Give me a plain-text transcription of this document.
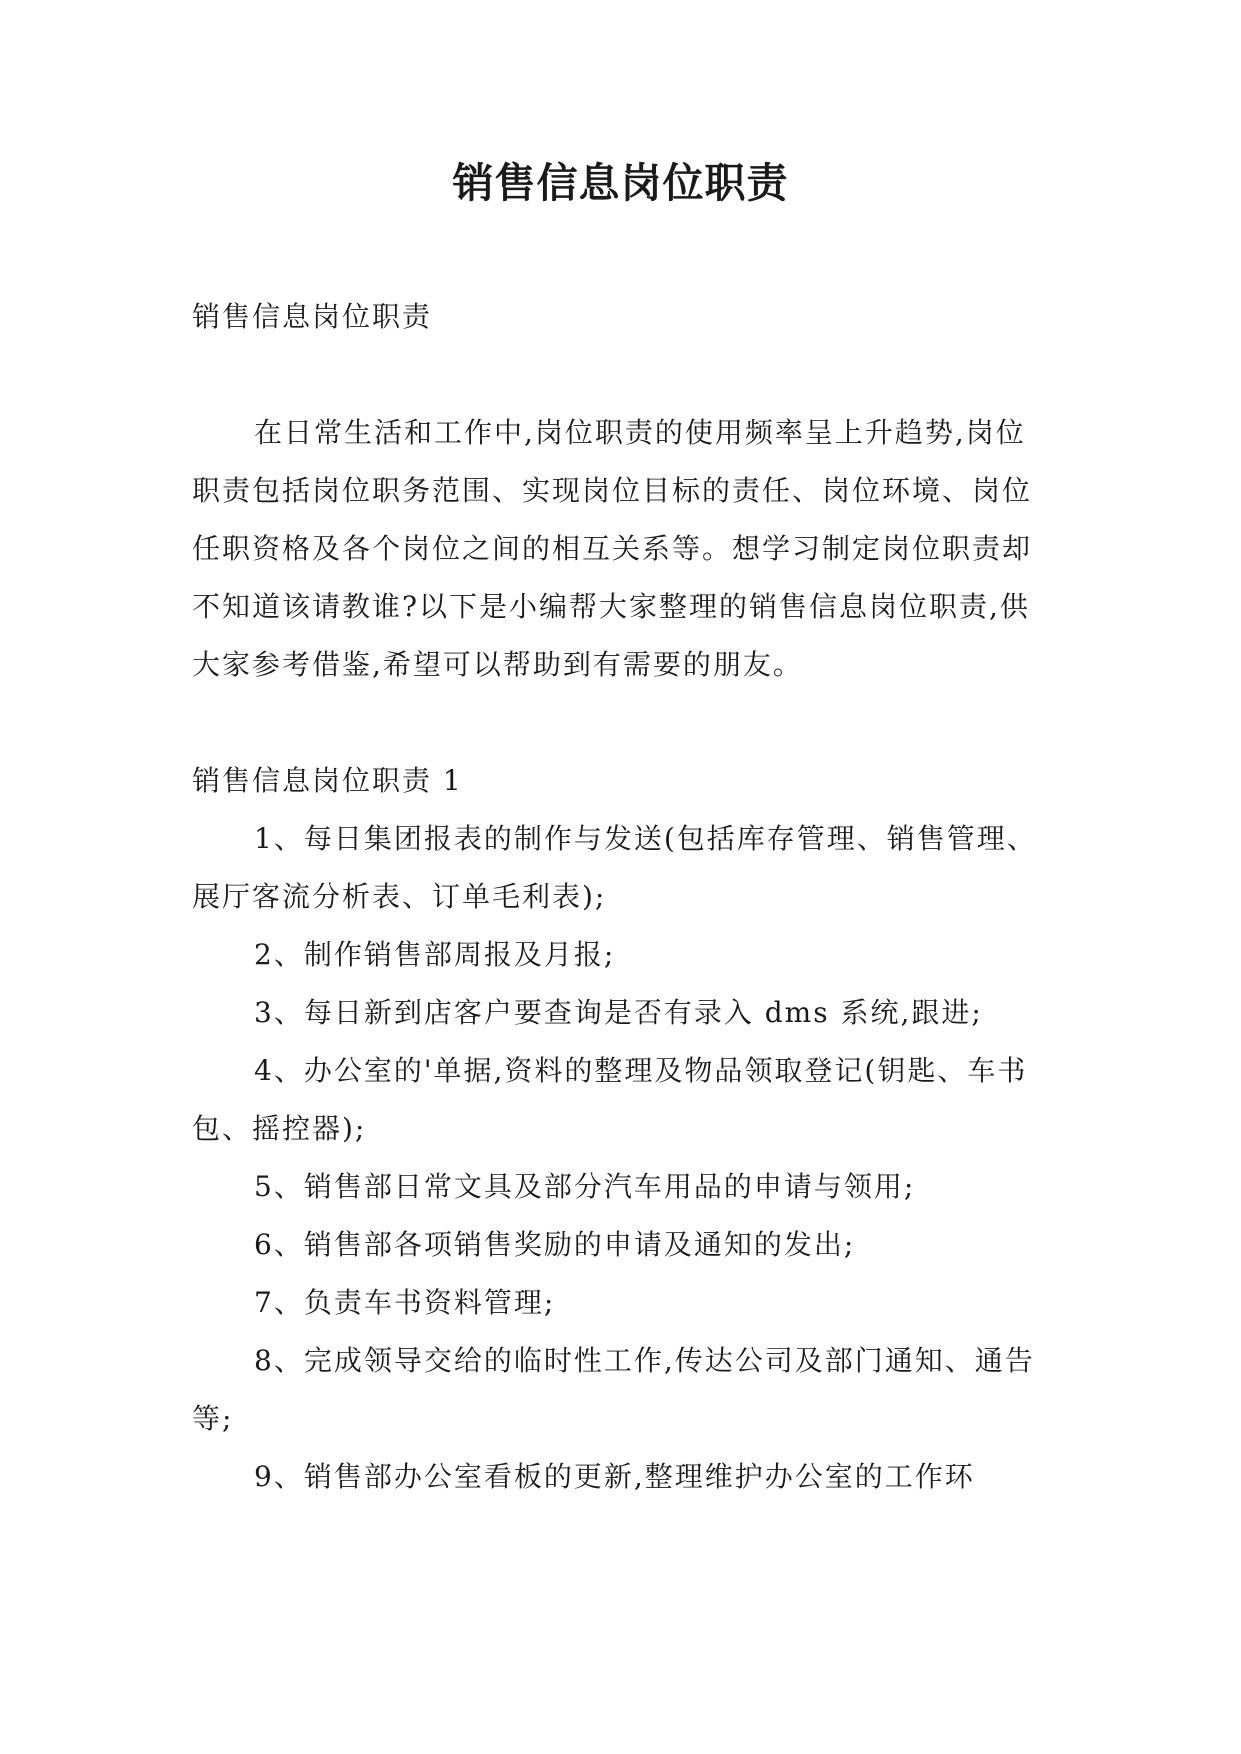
销售信息岗位职责

销售信息岗位职责

在日常生活和工作中,岗位职责的使用频率呈上升趋势,岗位职责包括岗位职务范围、实现岗位目标的责任、岗位环境、岗位任职资格及各个岗位之间的相互关系等。想学习制定岗位职责却不知道该请教谁?以下是小编帮大家整理的销售信息岗位职责,供大家参考借鉴,希望可以帮助到有需要的朋友。

销售信息岗位职责 1

1、每日集团报表的制作与发送(包括库存管理、销售管理、展厅客流分析表、订单毛利表);

2、制作销售部周报及月报;

3、每日新到店客户要查询是否有录入 dms 系统,跟进;

4、办公室的'单据,资料的整理及物品领取登记(钥匙、车书包、摇控器);

5、销售部日常文具及部分汽车用品的申请与领用;

6、销售部各项销售奖励的申请及通知的发出;

7、负责车书资料管理;

8、完成领导交给的临时性工作,传达公司及部门通知、通告等;

9、销售部办公室看板的更新,整理维护办公室的工作环
